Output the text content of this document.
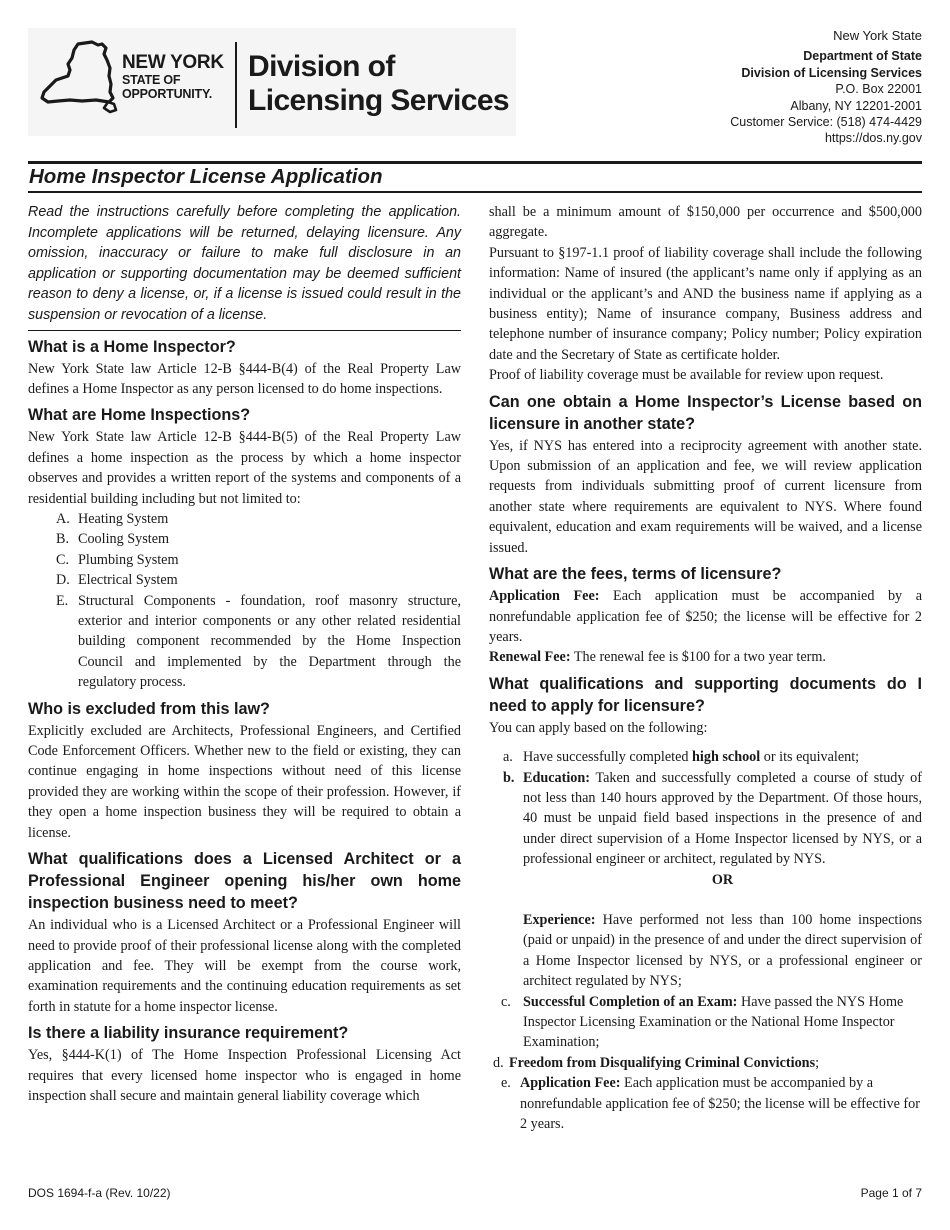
NEW YORK
STATE OF
OPPORTUNITY.
Division of
Licensing Services
New York State
Department of State
Division of Licensing Services
P.O. Box 22001
Albany, NY 12201-2001
Customer Service: (518) 474-4429
https://dos.ny.gov
Home Inspector License Application

Read the instructions carefully before completing the application. Incomplete applications will be returned, delaying licensure. Any omission, inaccuracy or failure to make full disclosure in an application or supporting documentation may be deemed sufficient reason to deny a license, or, if a license is issued could result in the suspension or revocation of a license.

What is a Home Inspector?

New York State law Article 12-B §444-B(4) of the Real Property Law defines a Home Inspector as any person licensed to do home inspections.

What are Home Inspections?

New York State law Article 12-B §444-B(5) of the Real Property Law defines a home inspection as the process by which a home inspector observes and provides a written report of the systems and components of a residential building including but not limited to:

A. Heating System
B. Cooling System
C. Plumbing System
D. Electrical System
E. Structural Components - foundation, roof masonry structure, exterior and interior components or any other related residential building component recommended by the Home Inspection Council and implemented by the Department through the regulatory process.
Who is excluded from this law?

Explicitly excluded are Architects, Professional Engineers, and Certified Code Enforcement Officers. Whether new to the field or existing, they can continue engaging in home inspections without need of this license provided they are working within the scope of their profession. However, if they open a home inspection business they will be required to obtain a license.

What qualifications does a Licensed Architect or a Professional Engineer opening his/her own home inspection business need to meet?

An individual who is a Licensed Architect or a Professional Engineer will need to provide proof of their professional license along with the completed application and fee. They will be exempt from the course work, examination requirements and the continuing education requirements as set forth in statute for a home inspector license.

Is there a liability insurance requirement?

Yes, §444-K(1) of The Home Inspection Professional Licensing Act requires that every licensed home inspector who is engaged in home inspection shall secure and maintain general liability coverage which

shall be a minimum amount of $150,000 per occurrence and $500,000 aggregate.

Pursuant to §197-1.1 proof of liability coverage shall include the following information: Name of insured (the applicant’s name only if applying as an individual or the applicant’s and AND the business name if applying as a business entity); Name of insurance company, Business address and telephone number of insurance company; Policy number; Policy expiration date and the Secretary of State as certificate holder.

Proof of liability coverage must be available for review upon request.

Can one obtain a Home Inspector’s License based on licensure in another state?

Yes, if NYS has entered into a reciprocity agreement with another state. Upon submission of an application and fee, we will review application requests from individuals submitting proof of current licensure from another state where requirements are equivalent to NYS. Where found equivalent, education and exam requirements will be waived, and a license issued.

What are the fees, terms of licensure?

Application Fee: Each application must be accompanied by a nonrefundable application fee of $250; the license will be effective for 2 years.

Renewal Fee: The renewal fee is $100 for a two year term.

What qualifications and supporting documents do I need to apply for licensure?

You can apply based on the following:

a. Have successfully completed high school or its equivalent;
b. Education: Taken and successfully completed a course of study of not less than 140 hours approved by the Department. Of those hours, 40 must be unpaid field based inspections in the presence of and under direct supervision of a Home Inspector licensed by NYS, or a professional engineer or architect, regulated by NYS.
OR
Experience: Have performed not less than 100 home inspections (paid or unpaid) in the presence of and under the direct supervision of a Home Inspector licensed by NYS, or a professional engineer or architect regulated by NYS;
c. Successful Completion of an Exam: Have passed the NYS Home Inspector Licensing Examination or the National Home Inspector Examination;
d. Freedom from Disqualifying Criminal Convictions;
e. Application Fee: Each application must be accompanied by a nonrefundable application fee of $250; the license will be effective for 2 years.
DOS 1694-f-a (Rev. 10/22)	Page 1 of 7
